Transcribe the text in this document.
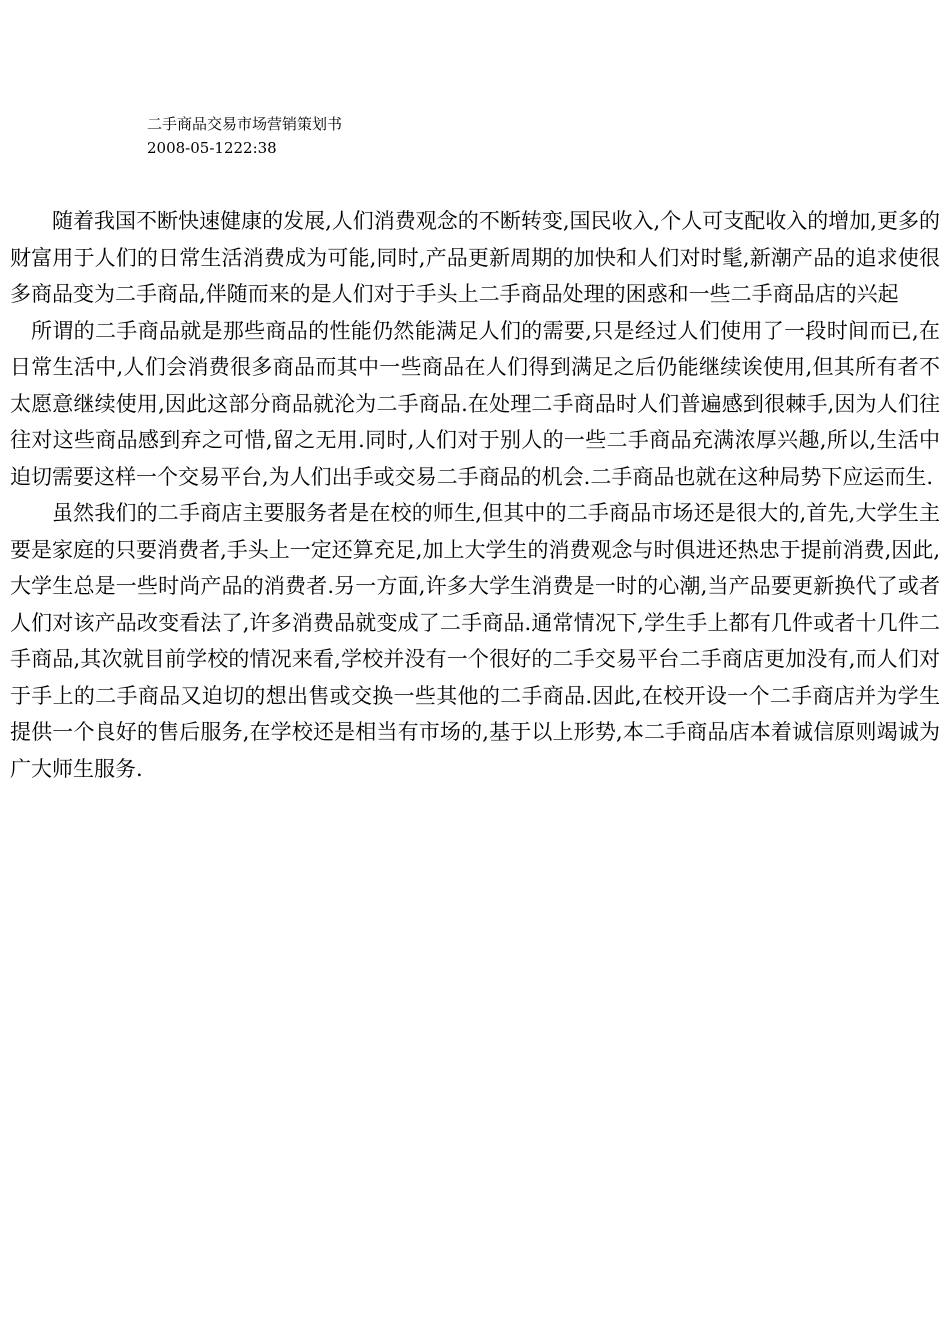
二手商品交易市场营销策划书
2008-05-1222:38

随着我国不断快速健康的发展,人们消费观念的不断转变,国民收入,个人可支配收入的增加,更多的财富用于人们的日常生活消费成为可能,同时,产品更新周期的加快和人们对时髦,新潮产品的追求使很多商品变为二手商品,伴随而来的是人们对于手头上二手商品处理的困惑和一些二手商品店的兴起

所谓的二手商品就是那些商品的性能仍然能满足人们的需要,只是经过人们使用了一段时间而已,在日常生活中,人们会消费很多商品而其中一些商品在人们得到满足之后仍能继续诶使用,但其所有者不太愿意继续使用,因此这部分商品就沦为二手商品.在处理二手商品时人们普遍感到很棘手,因为人们往往对这些商品感到弃之可惜,留之无用.同时,人们对于别人的一些二手商品充满浓厚兴趣,所以,生活中迫切需要这样一个交易平台,为人们出手或交易二手商品的机会.二手商品也就在这种局势下应运而生.

虽然我们的二手商店主要服务者是在校的师生,但其中的二手商品市场还是很大的,首先,大学生主要是家庭的只要消费者,手头上一定还算充足,加上大学生的消费观念与时俱进还热忠于提前消费,因此,大学生总是一些时尚产品的消费者.另一方面,许多大学生消费是一时的心潮,当产品要更新换代了或者人们对该产品改变看法了,许多消费品就变成了二手商品.通常情况下,学生手上都有几件或者十几件二手商品,其次就目前学校的情况来看,学校并没有一个很好的二手交易平台二手商店更加没有,而人们对于手上的二手商品又迫切的想出售或交换一些其他的二手商品.因此,在校开设一个二手商店并为学生提供一个良好的售后服务,在学校还是相当有市场的,基于以上形势,本二手商品店本着诚信原则竭诚为广大师生服务.
